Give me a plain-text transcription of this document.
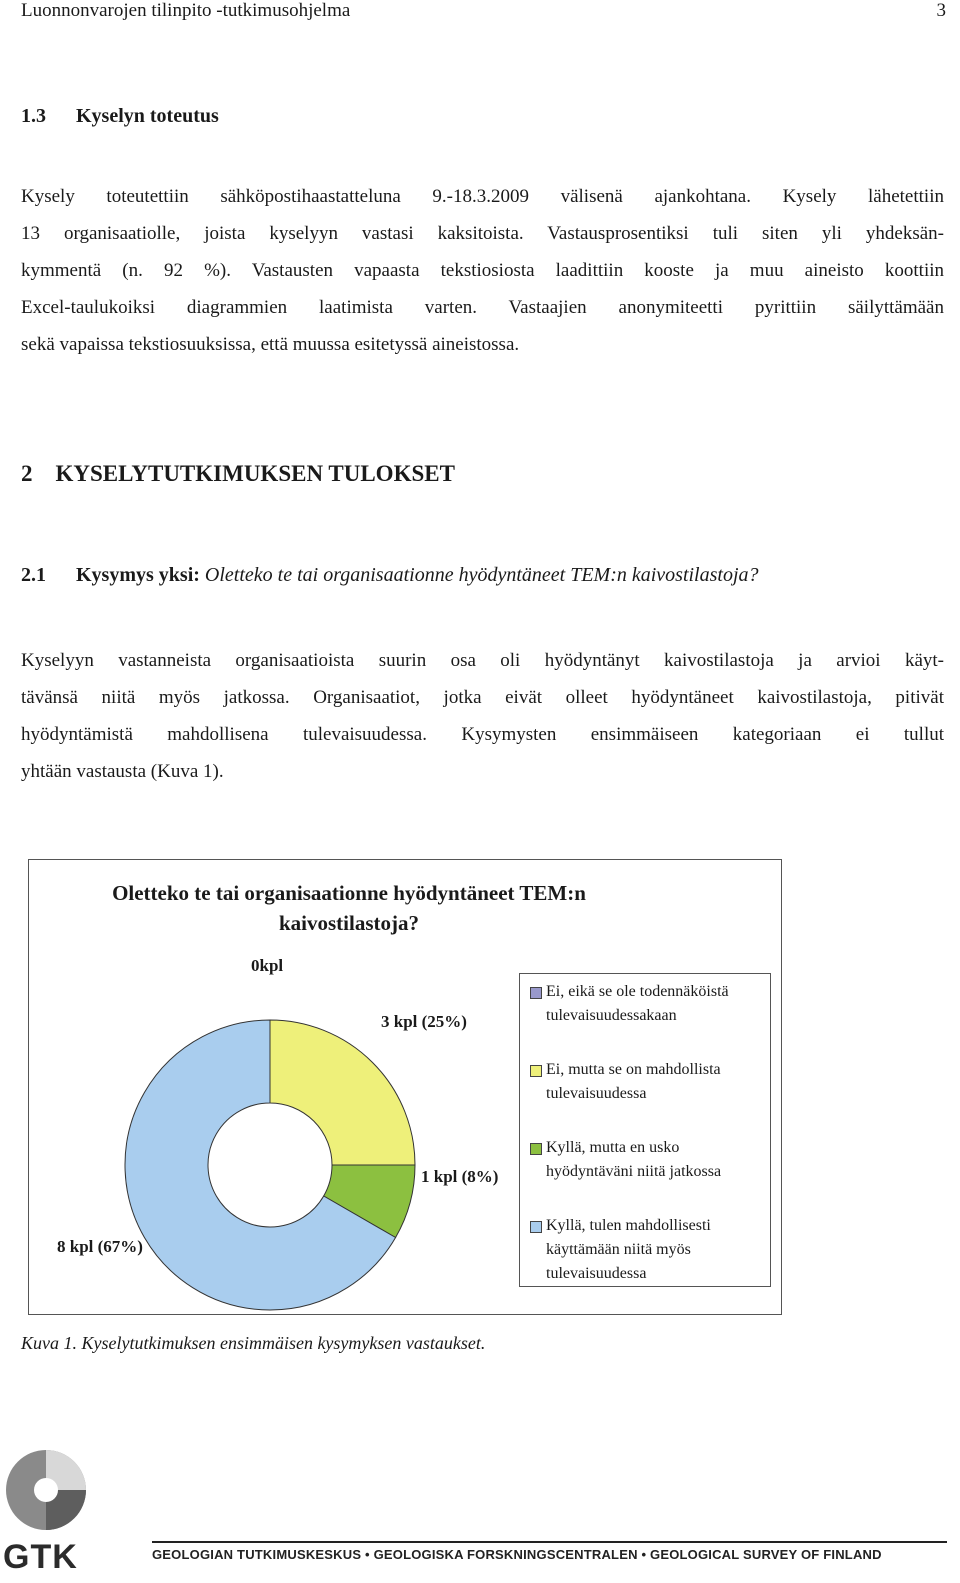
Luonnonvarojen tilinpito -tutkimusohjelma	3
1.3  Kyselyn toteutus
Kysely toteutettiin sähköpostihaastatteluna 9.-18.3.2009 välisenä ajankohtana. Kysely lähetettiin
13 organisaatiolle, joista kyselyyn vastasi kaksitoista. Vastausprosentiksi tuli siten yli yhdeksän-
kymmentä (n. 92 %). Vastausten vapaasta tekstiosiosta laadittiin kooste ja muu aineisto koottiin
Excel-taulukoiksi diagrammien laatimista varten. Vastaajien anonymiteetti pyrittiin säilyttämään
sekä vapaissa tekstiosuuksissa, että muussa esitetyssä aineistossa.
2 KYSELYTUTKIMUKSEN TULOKSET
2.1   Kysymys yksi: Oletteko te tai organisaationne hyödyntäneet TEM:n kaivostilastoja?
Kyselyyn vastanneista organisaatioista suurin osa oli hyödyntänyt kaivostilastoja ja arvioi käyt-
tävänsä niitä myös jatkossa. Organisaatiot, jotka eivät olleet hyödyntäneet kaivostilastoja, pitivät
hyödyntämistä mahdollisena tulevaisuudessa. Kysymysten ensimmäiseen kategoriaan ei tullut
yhtään vastausta (Kuva 1).
Oletteko te tai organisaationne hyödyntäneet TEM:n
kaivostilastoja?
0kpl
3 kpl (25%)
1 kpl (8%)
8 kpl (67%)
Ei, eikä se ole todennäköistä
tulevaisuudessakaan
Ei, mutta se on mahdollista
tulevaisuudessa
Kyllä, mutta en usko
hyödyntäväni niitä jatkossa
Kyllä, tulen mahdollisesti
käyttämään niitä myös
tulevaisuudessa
Kuva 1. Kyselytutkimuksen ensimmäisen kysymyksen vastaukset.
GTK	GEOLOGIAN TUTKIMUSKESKUS • GEOLOGISKA FORSKNINGSCENTRALEN • GEOLOGICAL SURVEY OF FINLAND
